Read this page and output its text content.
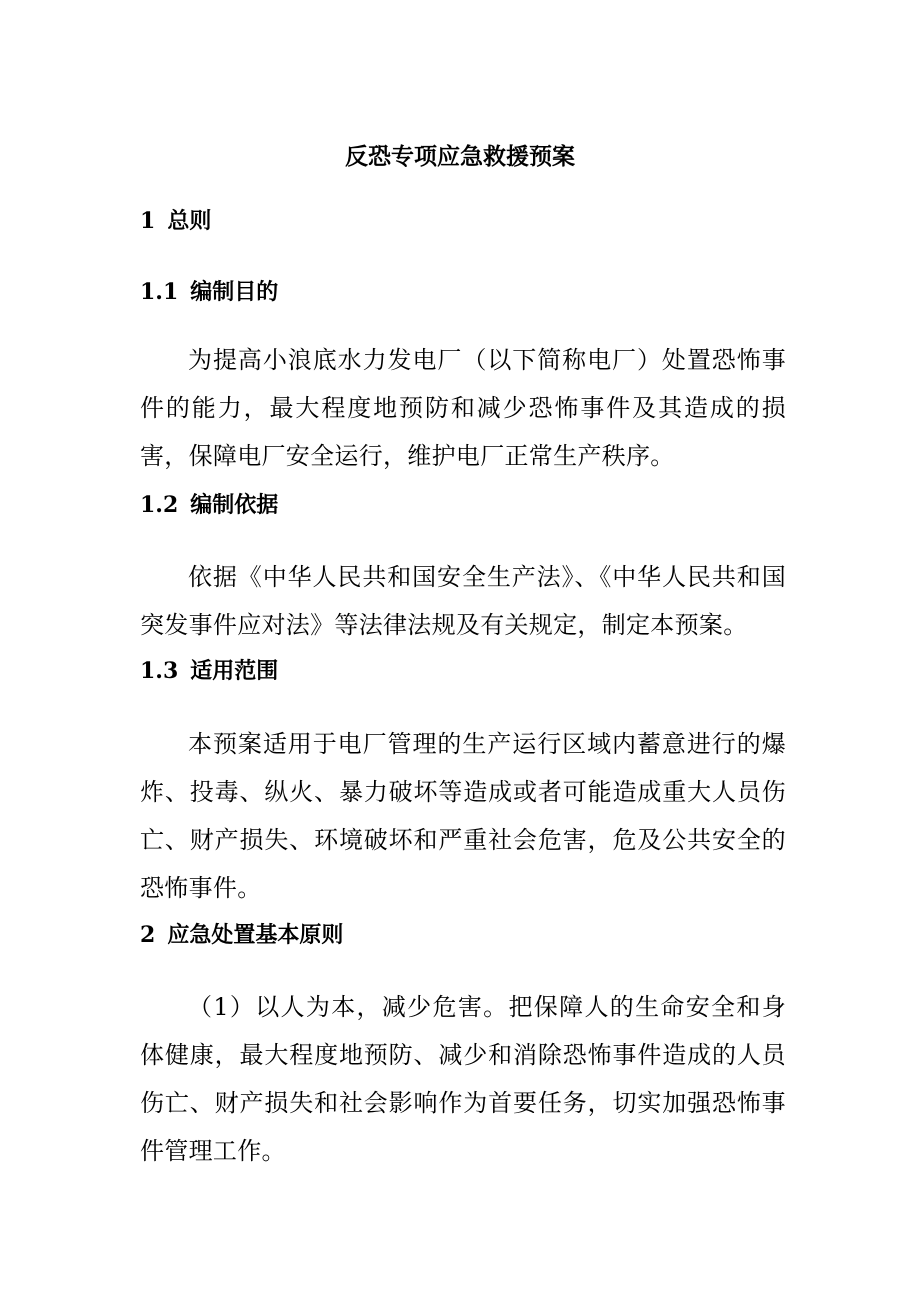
反恐专项应急救援预案
1 总则
1.1 编制目的

为提高小浪底水力发电厂（以下简称电厂）处置恐怖事件的能力，最大程度地预防和减少恐怖事件及其造成的损害，保障电厂安全运行，维护电厂正常生产秩序。

1.2 编制依据

依据《中华人民共和国安全生产法》、《中华人民共和国突发事件应对法》等法律法规及有关规定，制定本预案。

1.3 适用范围

本预案适用于电厂管理的生产运行区域内蓄意进行的爆炸、投毒、纵火、暴力破坏等造成或者可能造成重大人员伤亡、财产损失、环境破坏和严重社会危害，危及公共安全的恐怖事件。

2 应急处置基本原则

（1）以人为本，减少危害。把保障人的生命安全和身体健康，最大程度地预防、减少和消除恐怖事件造成的人员伤亡、财产损失和社会影响作为首要任务，切实加强恐怖事件管理工作。
